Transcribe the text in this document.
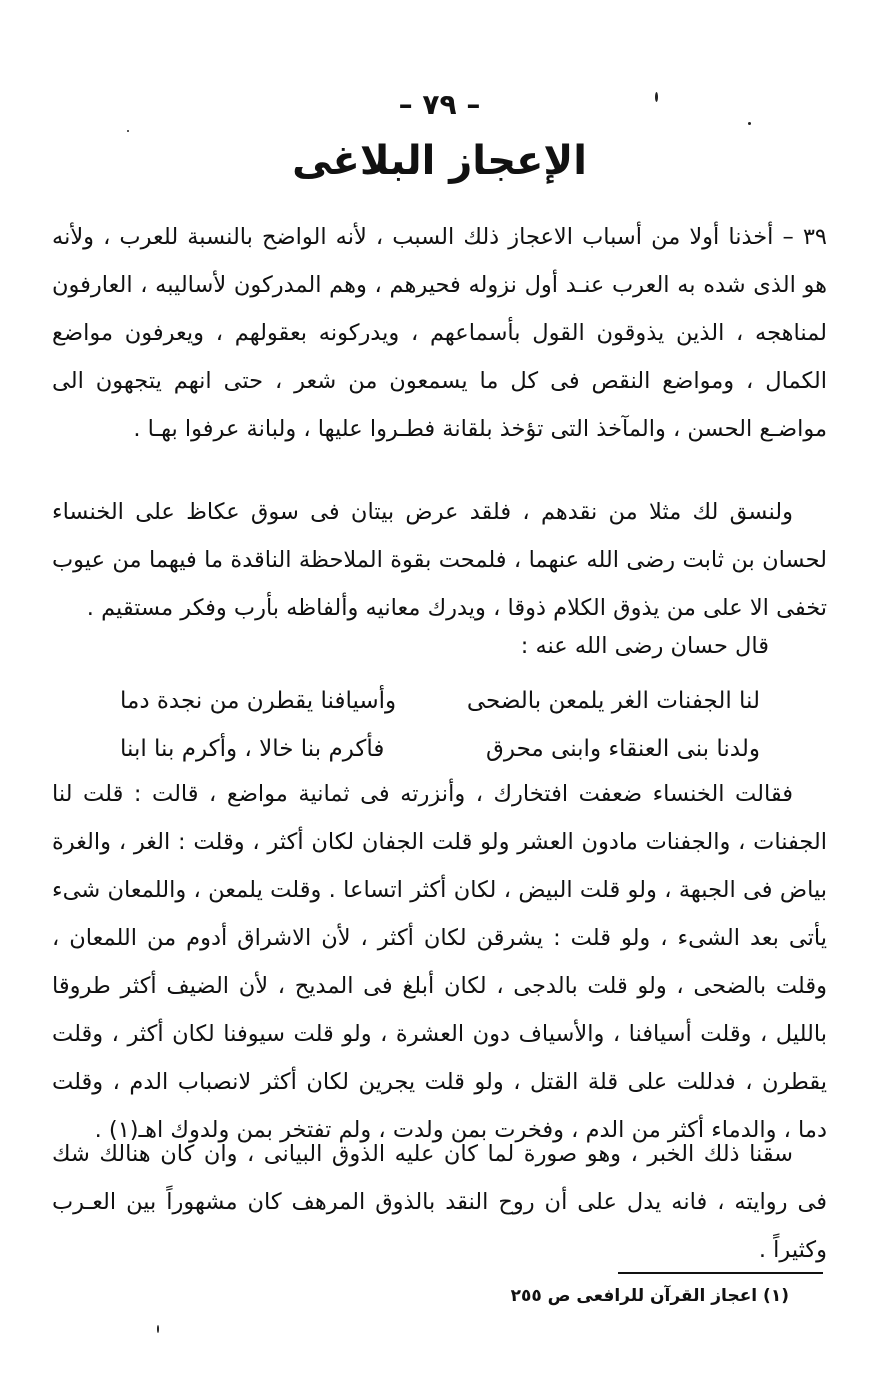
– ٧٩ –
الإعجاز البلاغى

٣٩ – أخذنا أولا من أسباب الاعجاز ذلك السبب ، لأنه الواضح بالنسبة للعرب ، ولأنه هو الذى شده به العرب عنـد أول نزوله فحيرهم ، وهم المدركون لأساليبه ، العارفون لمناهجه ، الذين يذوقون القول بأسماعهم ، ويدركونه بعقولهم ، ويعرفون مواضع الكمال ، ومواضع النقص فى كل ما يسمعون من شعر ، حتى انهم يتجهون الى مواضـع الحسن ، والمآخذ التى تؤخذ بلقانة فطـروا عليها ، ولبانة عرفوا بهـا .

ولنسق لك مثلا من نقدهم ، فلقد عرض بيتان فى سوق عكاظ على الخنساء لحسان بن ثابت رضى الله عنهما ، فلمحت بقوة الملاحظة الناقدة ما فيهما من عيوب تخفى الا على من يذوق الكلام ذوقا ، ويدرك معانيه وألفاظه بأرب وفكر مستقيم .

قال حسان رضى الله عنه :
لنا الجفنات الغر يلمعن بالضحى
وأسيافنا يقطرن من نجدة دما
ولدنا بنى العنقاء وابنى محرق
فأكرم بنا خالا ، وأكرم بنا ابنا

فقالت الخنساء ضعفت افتخارك ، وأنزرته فى ثمانية مواضع ، قالت : قلت لنا الجفنات ، والجفنات مادون العشر ولو قلت الجفان لكان أكثر ، وقلت : الغر ، والغرة بياض فى الجبهة ، ولو قلت البيض ، لكان أكثر اتساعا . وقلت يلمعن ، واللمعان شىء يأتى بعد الشىء ، ولو قلت : يشرقن لكان أكثر ، لأن الاشراق أدوم من اللمعان ، وقلت بالضحى ، ولو قلت بالدجى ، لكان أبلغ فى المديح ، لأن الضيف أكثر طروقا بالليل ، وقلت أسيافنا ، والأسياف دون العشرة ، ولو قلت سيوفنا لكان أكثر ، وقلت يقطرن ، فدللت على قلة القتل ، ولو قلت يجرين لكان أكثر لانصباب الدم ، وقلت دما ، والدماء أكثر من الدم ، وفخرت بمن ولدت ، ولم تفتخر بمن ولدوك اهـ(١) .

سقنا ذلك الخبر ، وهو صورة لما كان عليه الذوق البيانى ، وان كان هنالك شك فى روايته ، فانه يدل على أن روح النقد بالذوق المرهف كان مشهوراً بين العـرب وكثيراً .

(١) اعجاز القرآن للرافعى ص ٢٥٥
